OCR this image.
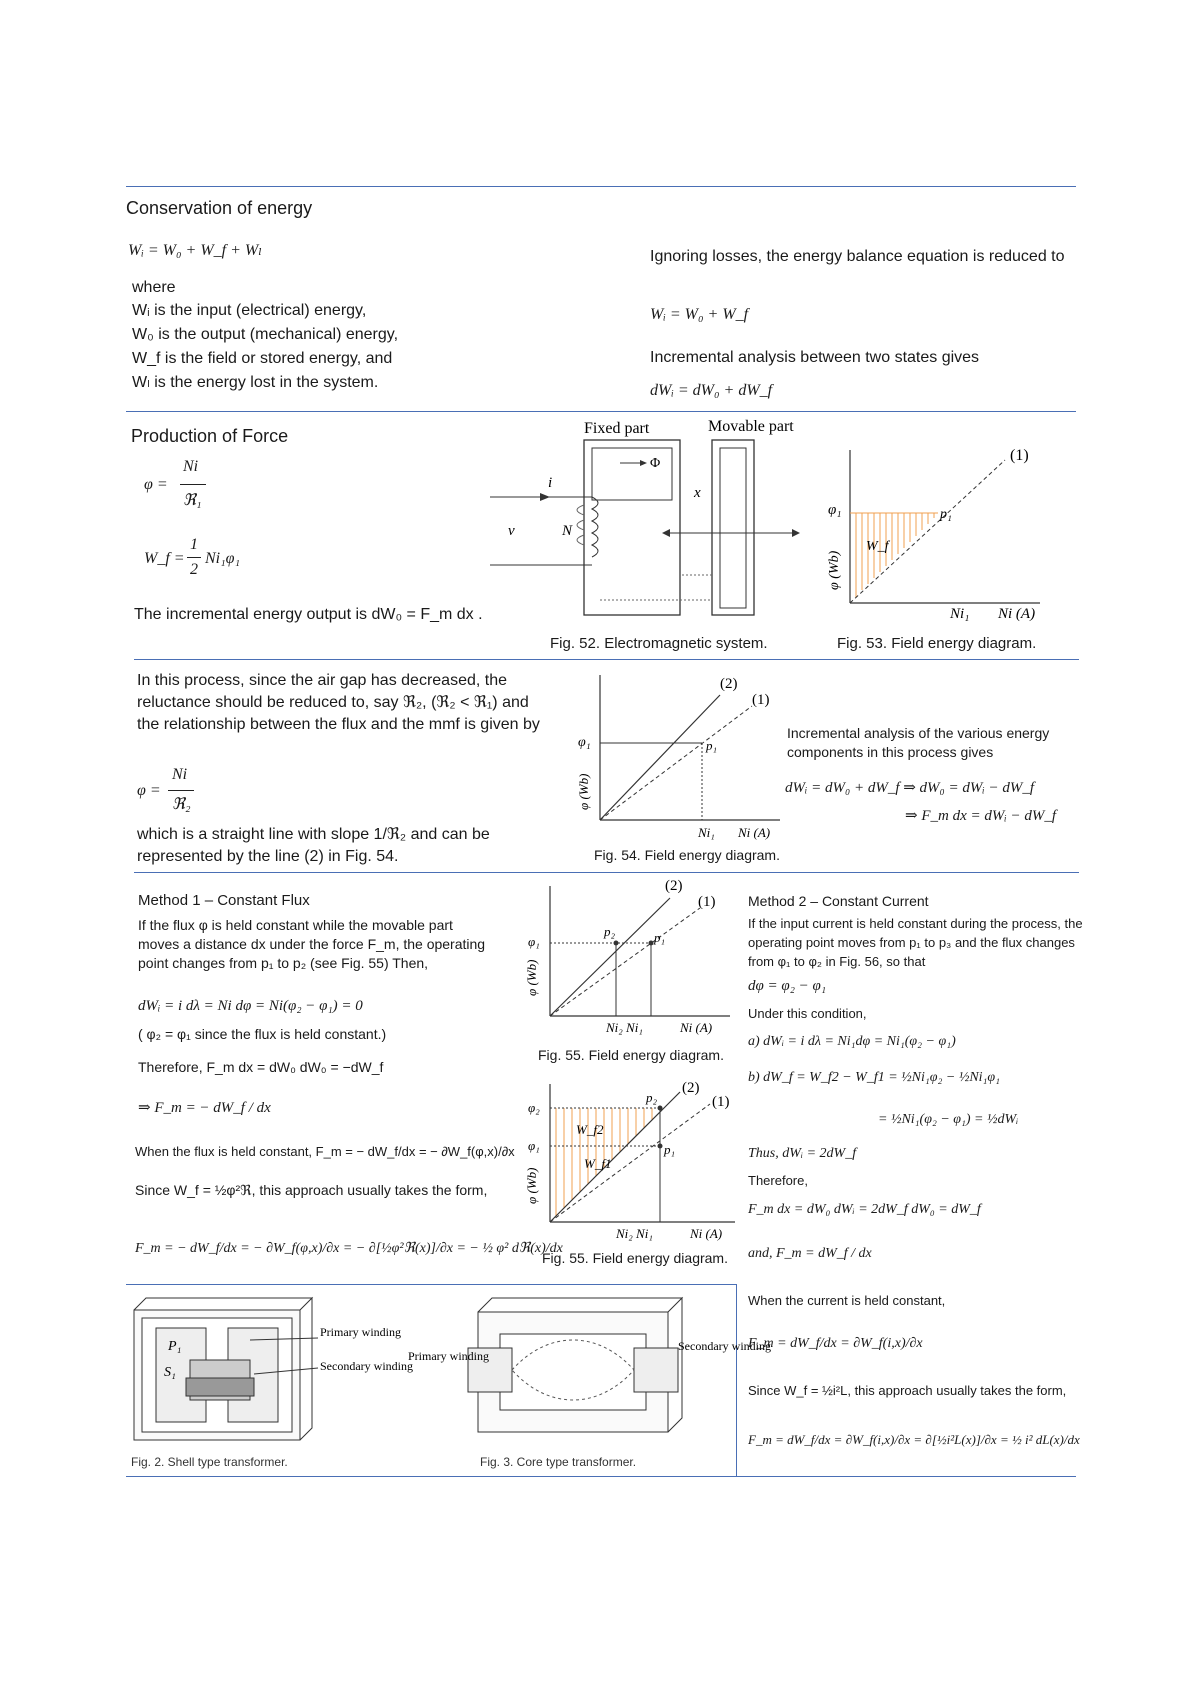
Conservation of energy
Wᵢ = W₀ + W_f + Wₗ
where
Wᵢ is the input (electrical) energy,
W₀ is the output (mechanical) energy,
W_f is the field or stored energy, and
Wₗ is the energy lost in the system.
Ignoring losses, the energy balance equation is reduced to
Wᵢ = W₀ + W_f
Incremental analysis between two states gives
dWᵢ = dW₀ + dW_f
Production of Force
φ =
Ni
ℜ₁
W_f =
1
2
Ni₁φ₁
The incremental energy output is dW₀ = F_m dx .
Fixed part	Movable part
i
v	N
x
Φ
Fig. 52. Electromagnetic system.
(1)
φ₁	p₁
W_f
φ (Wb)
Ni₁ Ni (A)
Fig. 53. Field energy diagram.
In this process, since the air gap has decreased, the reluctance should be reduced to, say ℜ₂, (ℜ₂ < ℜ₁) and the relationship between the flux and the mmf is given by
φ =
Ni
ℜ₂
which is a straight line with slope 1/ℜ₂ and can be represented by the line (2) in Fig. 54.
(2)
(1)
φ₁	p₁
φ (Wb)
Ni₁ Ni (A)
Fig. 54. Field energy diagram.
Incremental analysis of the various energy components in this process gives
dWᵢ = dW₀ + dW_f ⇒ dW₀ = dWᵢ − dW_f
⇒ F_m dx = dWᵢ − dW_f
Method 1 – Constant Flux
If the flux φ is held constant while the movable part moves a distance dx under the force F_m, the operating point changes from p₁ to p₂ (see Fig. 55) Then,
dWᵢ = i dλ = Ni dφ = Ni(φ₂ − φ₁) = 0
( φ₂ = φ₁ since the flux is held constant.)
Therefore, F_m dx = dW₀ dW₀ = −dW_f
⇒ F_m = − dW_f / dx
When the flux is held constant, F_m = − dW_f/dx = − ∂W_f(φ,x)/∂x
Since W_f = ½φ²ℜ, this approach usually takes the form,
F_m = − dW_f/dx = − ∂W_f(φ,x)/∂x = − ∂[½φ²ℜ(x)]/∂x = − ½ φ² dℜ(x)/dx
(2)
(1)
φ₁
p₂	p₁
φ (Wb)
Ni₂ Ni₁	Ni (A)
Fig. 55. Field energy diagram.
(2)
(1)
φ₂
φ₁
p₂
p₁
W_f2
W_f1
φ (Wb)
Ni₂ Ni₁	Ni (A)
Fig. 55. Field energy diagram.
Method 2 – Constant Current
If the input current is held constant during the process, the operating point moves from p₁ to p₃ and the flux changes from φ₁ to φ₂ in Fig. 56, so that
dφ = φ₂ − φ₁
Under this condition,
a) dWᵢ = i dλ = Ni₁dφ = Ni₁(φ₂ − φ₁)
b) dW_f = W_f2 − W_f1 = ½Ni₁φ₂ − ½Ni₁φ₁
= ½Ni₁(φ₂ − φ₁) = ½dWᵢ
Thus, dWᵢ = 2dW_f
Therefore,
F_m dx = dW₀ dWᵢ = 2dW_f dW₀ = dW_f
and, F_m = dW_f / dx
P₁
S₁
Primary winding
Secondary winding
Fig. 2. Shell type transformer.
Primary winding
Secondary winding
Fig. 3. Core type transformer.
When the current is held constant,
F_m = dW_f/dx = ∂W_f(i,x)/∂x
Since W_f = ½i²L, this approach usually takes the form,
F_m = dW_f/dx = ∂W_f(i,x)/∂x = ∂[½i²L(x)]/∂x = ½ i² dL(x)/dx
